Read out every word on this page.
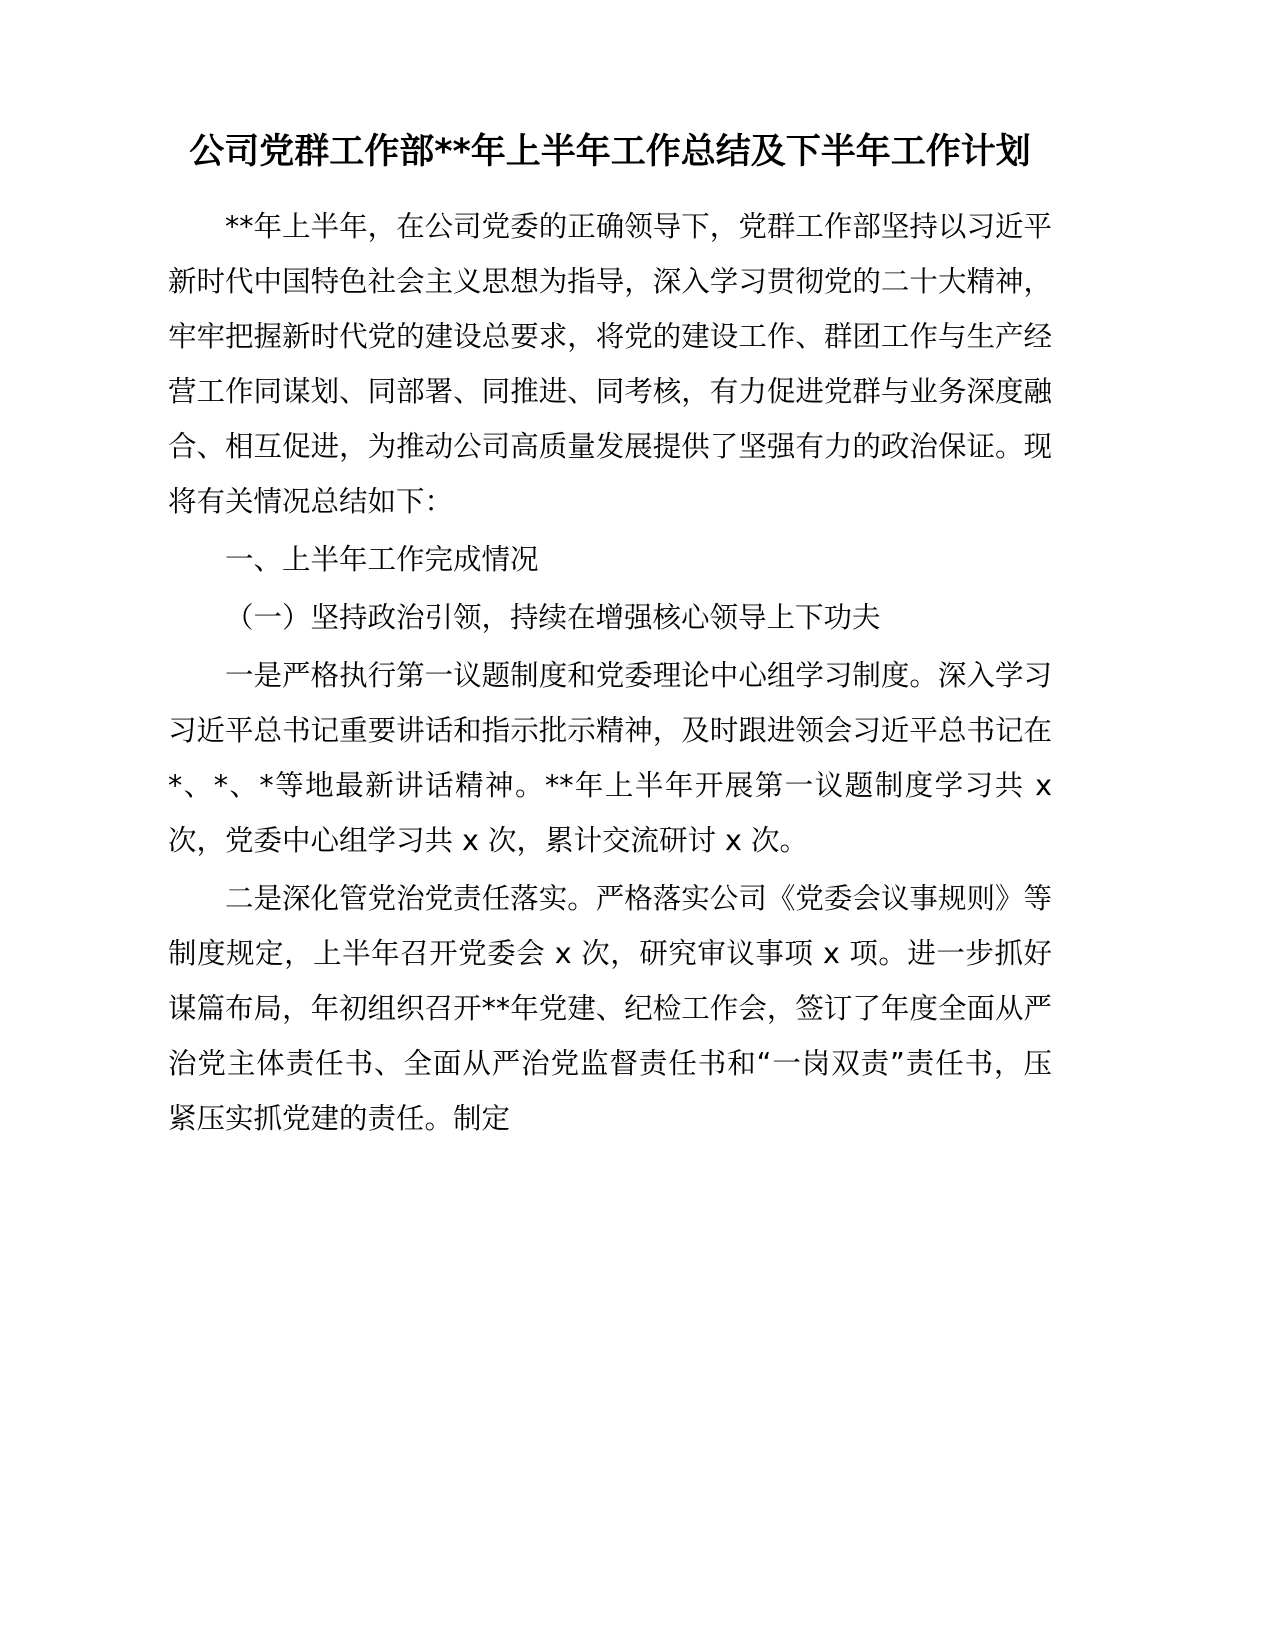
公司党群工作部**年上半年工作总结及下半年工作计划

**年上半年，在公司党委的正确领导下，党群工作部坚持以习近平新时代中国特色社会主义思想为指导，深入学习贯彻党的二十大精神，牢牢把握新时代党的建设总要求，将党的建设工作、群团工作与生产经营工作同谋划、同部署、同推进、同考核，有力促进党群与业务深度融合、相互促进，为推动公司高质量发展提供了坚强有力的政治保证。现将有关情况总结如下：

一、上半年工作完成情况

（一）坚持政治引领，持续在增强核心领导上下功夫

一是严格执行第一议题制度和党委理论中心组学习制度。深入学习习近平总书记重要讲话和指示批示精神，及时跟进领会习近平总书记在*、*、*等地最新讲话精神。**年上半年开展第一议题制度学习共 x 次，党委中心组学习共 x 次，累计交流研讨 x 次。

二是深化管党治党责任落实。严格落实公司《党委会议事规则》等制度规定，上半年召开党委会 x 次，研究审议事项 x 项。进一步抓好谋篇布局，年初组织召开**年党建、纪检工作会，签订了年度全面从严治党主体责任书、全面从严治党监督责任书和“一岗双责”责任书，压紧压实抓党建的责任。制定
